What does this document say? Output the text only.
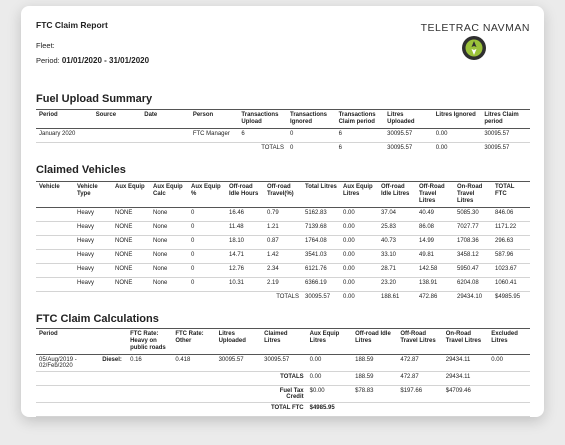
FTC Claim Report
Fleet:
Period: 01/01/2020 - 31/01/2020
TELETRAC NAVMAN
Fuel Upload Summary
Period	Source	Date	Person	Transactions Upload	Transactions Ignored	Transactions Claim period	Litres Uploaded	Litres Ignored	Litres Claim period
January 2020			FTC Manager	6	0	6	30095.57	0.00	30095.57
				TOTALS	0	6	30095.57	0.00	30095.57
Claimed Vehicles
Vehicle	Vehicle Type	Aux Equip	Aux Equip Calc	Aux Equip %	Off-road Idle Hours	Off-road Travel(%)	Total Litres	Aux Equip Litres	Off-road Idle Litres	Off-Road Travel Litres	On-Road Travel Litres	TOTAL FTC
	Heavy	NONE	None	0	16.46	0.79	5162.83	0.00	37.04	40.49	5085.30	846.06
	Heavy	NONE	None	0	11.48	1.21	7139.68	0.00	25.83	86.08	7027.77	1171.22
	Heavy	NONE	None	0	18.10	0.87	1764.08	0.00	40.73	14.99	1708.36	296.63
	Heavy	NONE	None	0	14.71	1.42	3541.03	0.00	33.10	49.81	3458.12	587.96
	Heavy	NONE	None	0	12.76	2.34	6121.76	0.00	28.71	142.58	5950.47	1023.67
	Heavy	NONE	None	0	10.31	2.19	6366.19	0.00	23.20	138.91	6204.08	1060.41
						TOTALS	30095.57	0.00	188.61	472.86	29434.10	$4985.95
FTC Claim Calculations
Period		FTC Rate: Heavy on public roads	FTC Rate: Other	Litres Uploaded	Claimed Litres	Aux Equip Litres	Off-road Idle Litres	Off-Road Travel Litres	On-Road Travel Litres	Excluded Litres
05/Aug/2019 - 02/Feb/2020	Diesel:	0.16	0.418	30095.57	30095.57	0.00	188.59	472.87	29434.11	0.00
					TOTALS	0.00	188.59	472.87	29434.11	
					Fuel Tax Credit	$0.00	$78.83	$197.66	$4709.46	
					TOTAL FTC	$4985.95				
